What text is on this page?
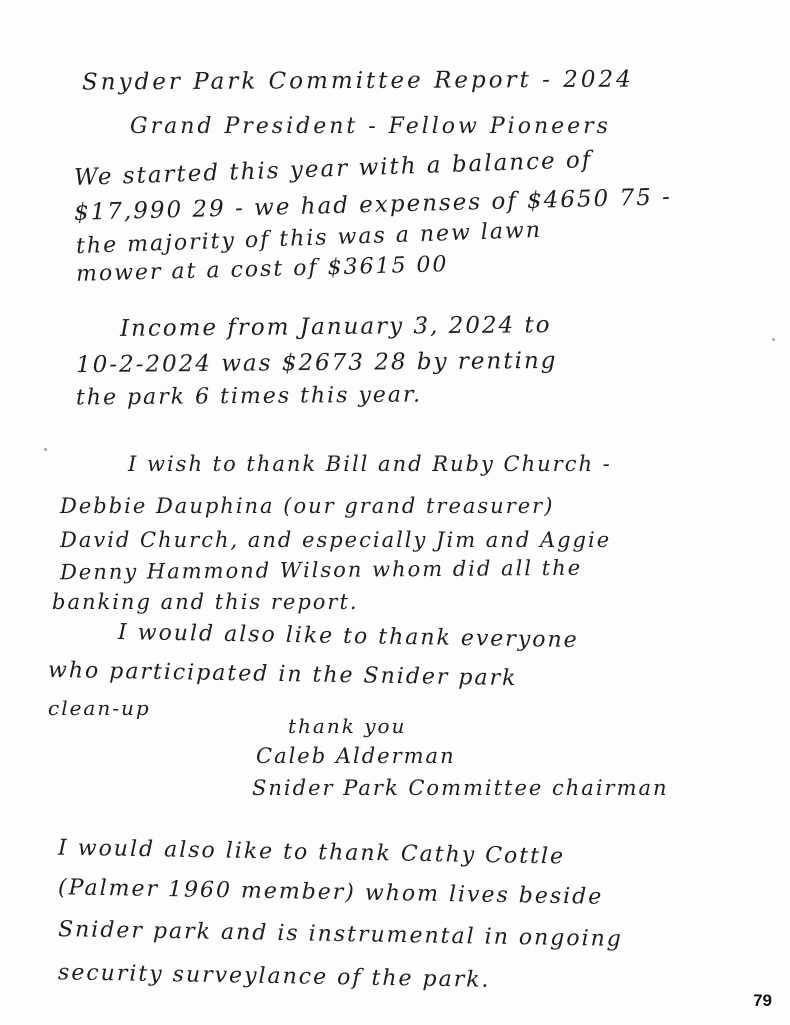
Snyder Park Committee Report - 2024
Grand President - Fellow Pioneers
We started this year with a balance of
$17,990 29 - we had expenses of $4650 75 -
the majority of this was a new lawn
mower at a cost of $3615 00
Income from January 3, 2024 to
10-2-2024 was $2673 28 by renting
the park 6 times this year.
I wish to thank Bill and Ruby Church -
Debbie Dauphina (our grand treasurer)
David Church, and especially Jim and Aggie
Denny Hammond Wilson whom did all the
banking and this report.
I would also like to thank everyone
who participated in the Snider park
clean-up
thank you
Caleb Alderman
Snider Park Committee chairman
I would also like to thank Cathy Cottle
(Palmer 1960 member) whom lives beside
Snider park and is instrumental in ongoing
security surveylance of the park.
79
